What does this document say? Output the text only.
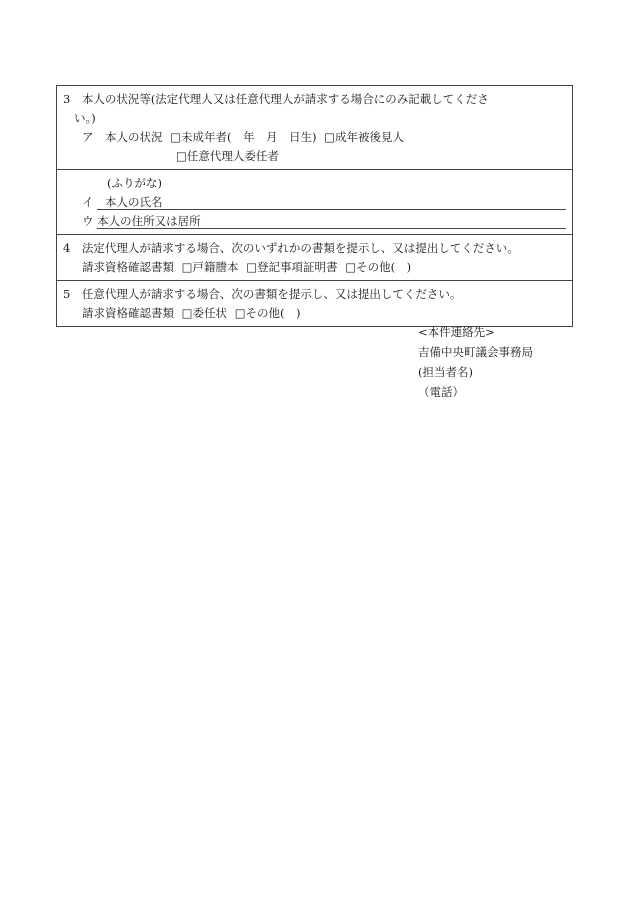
3　本人の状況等(法定代理人又は任意代理人が請求する場合にのみ記載してくださ
い。)
ア　本人の状況 □未成年者(　年　月　日生) □成年被後見人
□任意代理人委任者
(ふりがな)
イ　本人の氏名
ウ 本人の住所又は居所
4　法定代理人が請求する場合、次のいずれかの書類を提示し、又は提出してください。
請求資格確認書類 □戸籍謄本 □登記事項証明書 □その他(　)
5　任意代理人が請求する場合、次の書類を提示し、又は提出してください。
請求資格確認書類 □委任状 □その他(　)
<本件連絡先>
吉備中央町議会事務局
(担当者名)
（電話）
